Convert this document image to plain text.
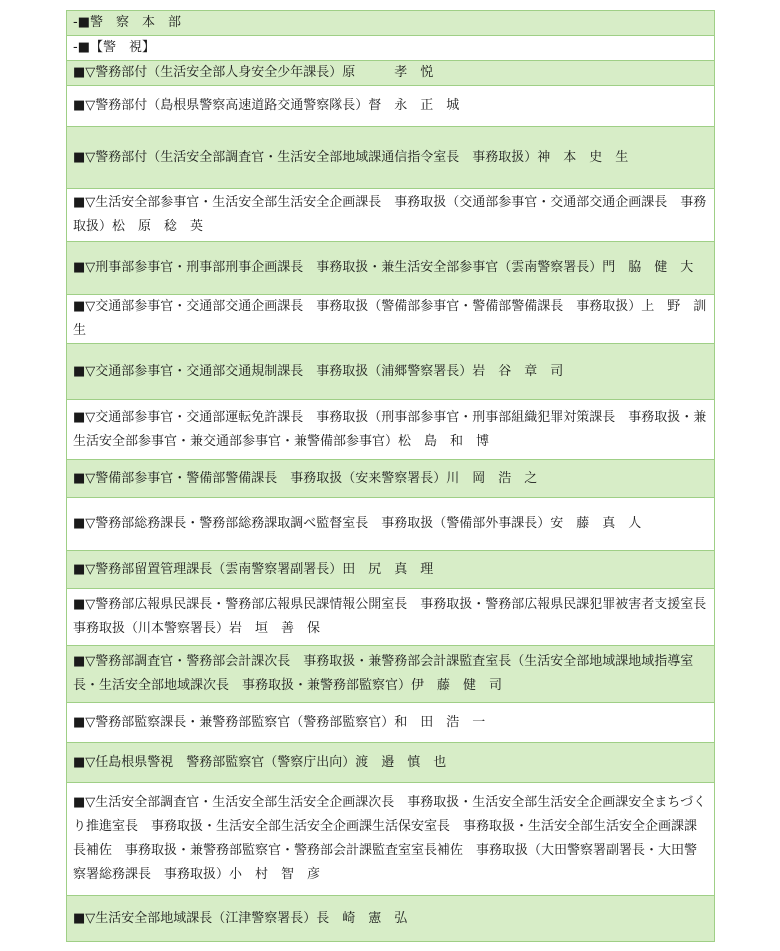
-■警　察　本　部
-■【警　視】
■▽警務部付（生活安全部人身安全少年課長）原　　　孝　悦
■▽警務部付（島根県警察高速道路交通警察隊長）督　永　正　城
■▽警務部付（生活安全部調査官・生活安全部地域課通信指令室長　事務取扱）神　本　史　生
■▽生活安全部参事官・生活安全部生活安全企画課長　事務取扱（交通部参事官・交通部交通企画課長　事務取扱）松　原　稔　英
■▽刑事部参事官・刑事部刑事企画課長　事務取扱・兼生活安全部参事官（雲南警察署長）門　脇　健　大
■▽交通部参事官・交通部交通企画課長　事務取扱（警備部参事官・警備部警備課長　事務取扱）上　野　訓　生
■▽交通部参事官・交通部交通規制課長　事務取扱（浦郷警察署長）岩　谷　章　司
■▽交通部参事官・交通部運転免許課長　事務取扱（刑事部参事官・刑事部組織犯罪対策課長　事務取扱・兼生活安全部参事官・兼交通部参事官・兼警備部参事官）松　島　和　博
■▽警備部参事官・警備部警備課長　事務取扱（安来警察署長）川　岡　浩　之
■▽警務部総務課長・警務部総務課取調べ監督室長　事務取扱（警備部外事課長）安　藤　真　人
■▽警務部留置管理課長（雲南警察署副署長）田　尻　真　理
■▽警務部広報県民課長・警務部広報県民課情報公開室長　事務取扱・警務部広報県民課犯罪被害者支援室長　事務取扱（川本警察署長）岩　垣　善　保
■▽警務部調査官・警務部会計課次長　事務取扱・兼警務部会計課監査室長（生活安全部地域課地域指導室長・生活安全部地域課次長　事務取扱・兼警務部監察官）伊　藤　健　司
■▽警務部監察課長・兼警務部監察官（警務部監察官）和　田　浩　一
■▽任島根県警視　警務部監察官（警察庁出向）渡　邉　慎　也
■▽生活安全部調査官・生活安全部生活安全企画課次長　事務取扱・生活安全部生活安全企画課安全まちづくり推進室長　事務取扱・生活安全部生活安全企画課生活保安室長　事務取扱・生活安全部生活安全企画課課長補佐　事務取扱・兼警務部監察官・警務部会計課監査室室長補佐　事務取扱（大田警察署副署長・大田警察署総務課長　事務取扱）小　村　智　彦
■▽生活安全部地域課長（江津警察署長）長　崎　憲　弘
